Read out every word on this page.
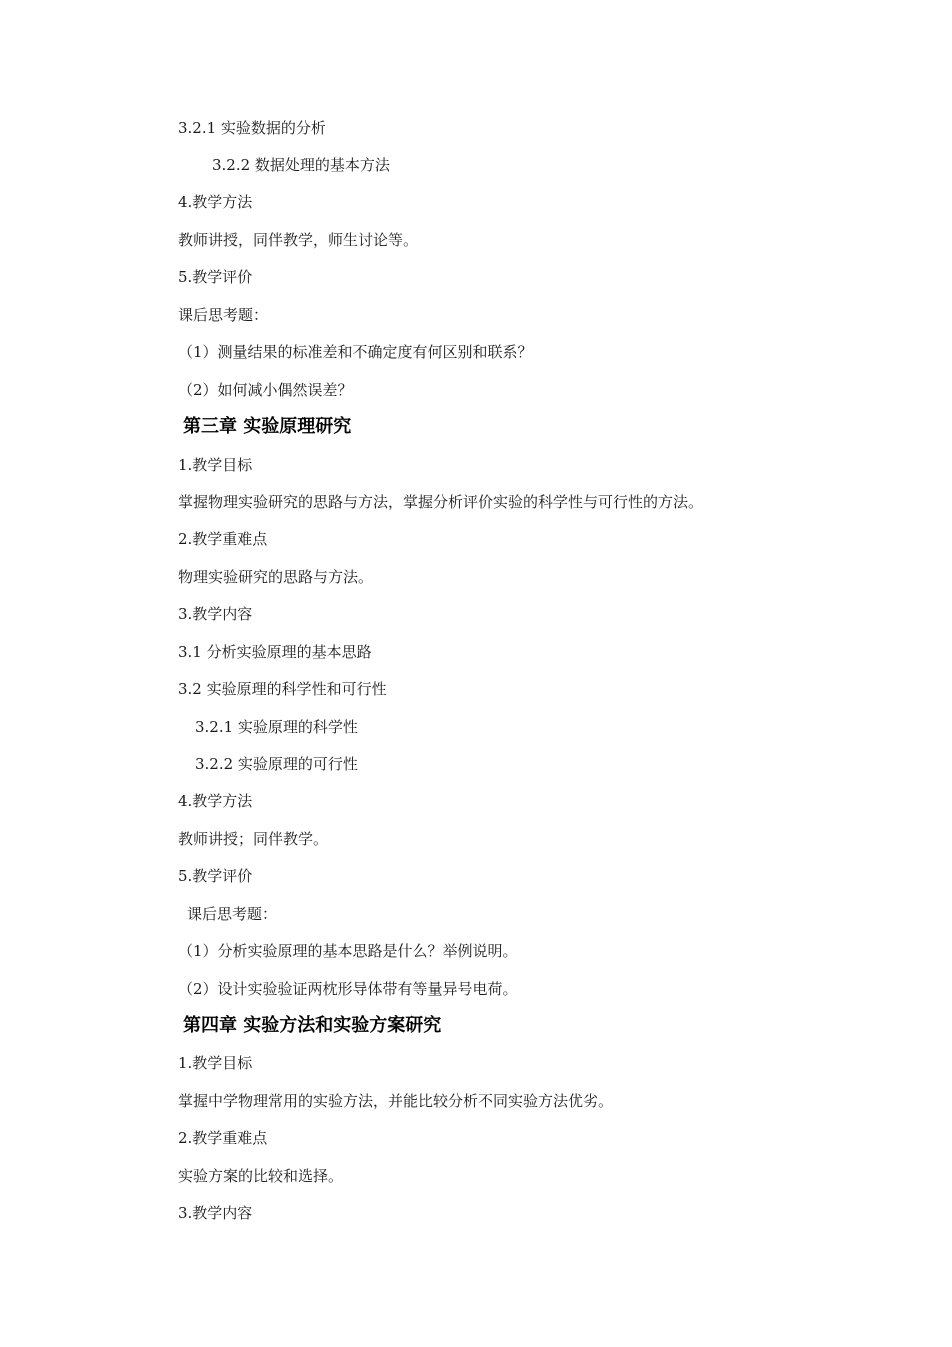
3.2.1 实验数据的分析
3.2.2 数据处理的基本方法
4.教学方法
教师讲授，同伴教学，师生讨论等。
5.教学评价
课后思考题：
（1）测量结果的标准差和不确定度有何区别和联系？
（2）如何减小偶然误差？
第三章 实验原理研究
1.教学目标
掌握物理实验研究的思路与方法，掌握分析评价实验的科学性与可行性的方法。
2.教学重难点
物理实验研究的思路与方法。
3.教学内容
3.1 分析实验原理的基本思路
3.2 实验原理的科学性和可行性
3.2.1 实验原理的科学性
3.2.2 实验原理的可行性
4.教学方法
教师讲授；同伴教学。
5.教学评价
课后思考题：
（1）分析实验原理的基本思路是什么？举例说明。
（2）设计实验验证两枕形导体带有等量异号电荷。
第四章 实验方法和实验方案研究
1.教学目标
掌握中学物理常用的实验方法，并能比较分析不同实验方法优劣。
2.教学重难点
实验方案的比较和选择。
3.教学内容
